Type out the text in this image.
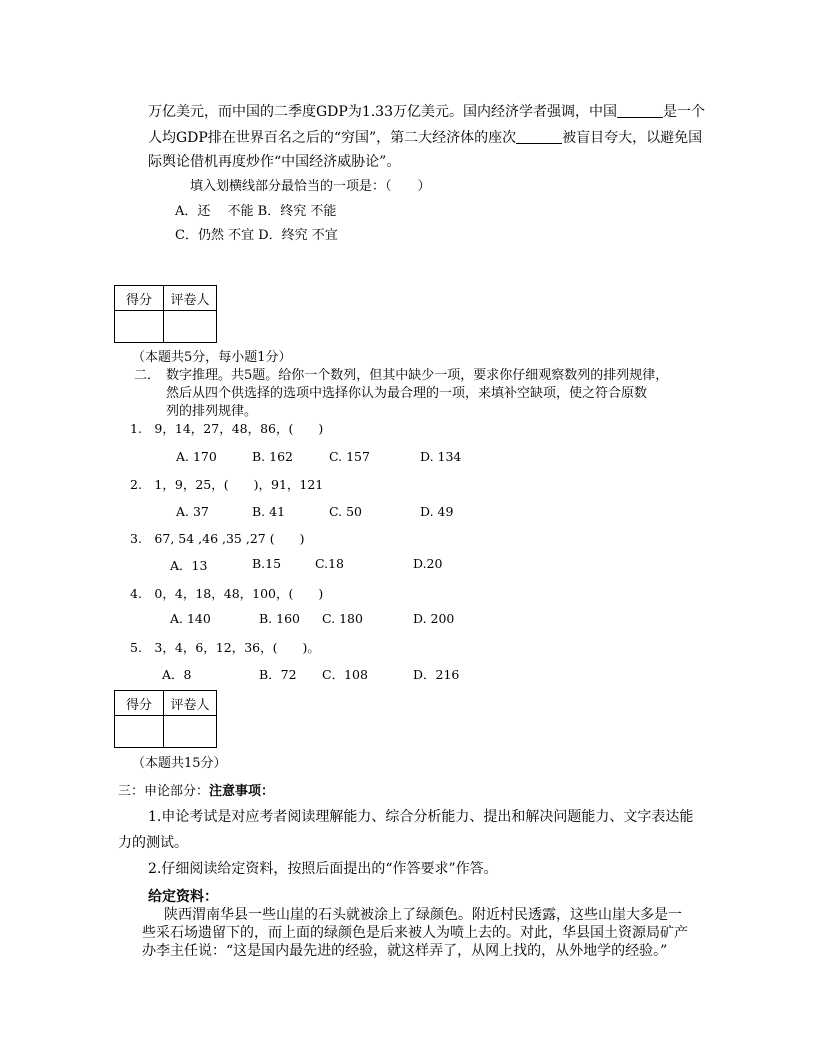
万亿美元，而中国的二季度GDP为1.33万亿美元。国内经济学者强调，中国	是一个
人均GDP排在世界百名之后的“穷国”，第二大经济体的座次	被盲目夸大，以避免国
际舆论借机再度炒作“中国经济威胁论”。
填入划横线部分最恰当的一项是：（　　）
A．还　 不能 B．终究 不能
C．仍然 不宜 D．终究 不宜
得分	评卷人

（本题共5分，每小题1分）
二． 数字推理。共5题。给你一个数列，但其中缺少一项，要求你仔细观察数列的排列规律，
然后从四个供选择的选项中选择你认为最合理的一项，来填补空缺项，使之符合原数
列的排列规律。
1.　9，14，27，48，86，(　　)
A. 170	B. 162	C. 157	D. 134
2.　1，9，25，(　　)，91，121
A. 37	B. 41	C. 50	D. 49
3.　67, 54 ,46 ,35 ,27 (　　)
A．13	B.15	C.18	D.20
4.　0，4，18，48，100，(　　)
A. 140	B. 160 C. 180	D. 200
5.　3，4，6，12，36，(　　)。
A．8	B．72 C．108	D．216
得分	评卷人

（本题共15分）
三：申论部分：注意事项：
1.申论考试是对应考者阅读理解能力、综合分析能力、提出和解决问题能力、文字表达能
力的测试。
2.仔细阅读给定资料，按照后面提出的“作答要求”作答。
给定资料：
陕西渭南华县一些山崖的石头就被涂上了绿颜色。附近村民透露，这些山崖大多是一
些采石场遗留下的，而上面的绿颜色是后来被人为喷上去的。对此，华县国土资源局矿产
办李主任说：“这是国内最先进的经验，就这样弄了，从网上找的，从外地学的经验。”
